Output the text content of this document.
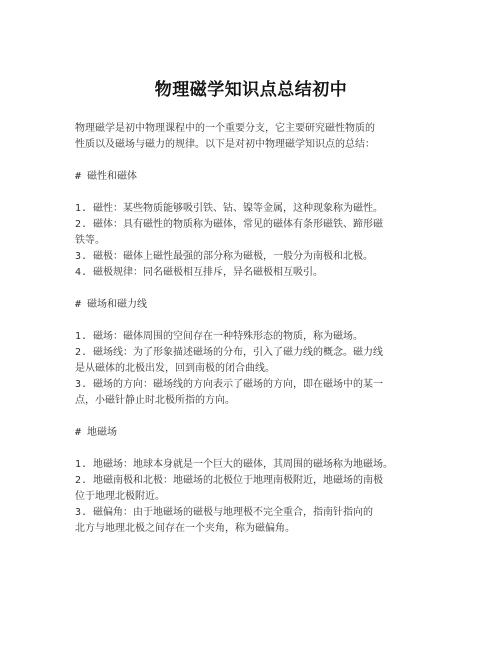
物理磁学知识点总结初中
物理磁学是初中物理课程中的一个重要分支，它主要研究磁性物质的
性质以及磁场与磁力的规律。以下是对初中物理磁学知识点的总结：
# 磁性和磁体
1. 磁性：某些物质能够吸引铁、钴、镍等金属，这种现象称为磁性。
2. 磁体：具有磁性的物质称为磁体，常见的磁体有条形磁铁、蹄形磁
铁等。
3. 磁极：磁体上磁性最强的部分称为磁极，一般分为南极和北极。
4. 磁极规律：同名磁极相互排斥，异名磁极相互吸引。
# 磁场和磁力线
1. 磁场：磁体周围的空间存在一种特殊形态的物质，称为磁场。
2. 磁场线：为了形象描述磁场的分布，引入了磁力线的概念。磁力线
是从磁体的北极出发，回到南极的闭合曲线。
3. 磁场的方向：磁场线的方向表示了磁场的方向，即在磁场中的某一
点，小磁针静止时北极所指的方向。
# 地磁场
1. 地磁场：地球本身就是一个巨大的磁体，其周围的磁场称为地磁场。
2. 地磁南极和北极：地磁场的北极位于地理南极附近，地磁场的南极
位于地理北极附近。
3. 磁偏角：由于地磁场的磁极与地理极不完全重合，指南针指向的
北方与地理北极之间存在一个夹角，称为磁偏角。
